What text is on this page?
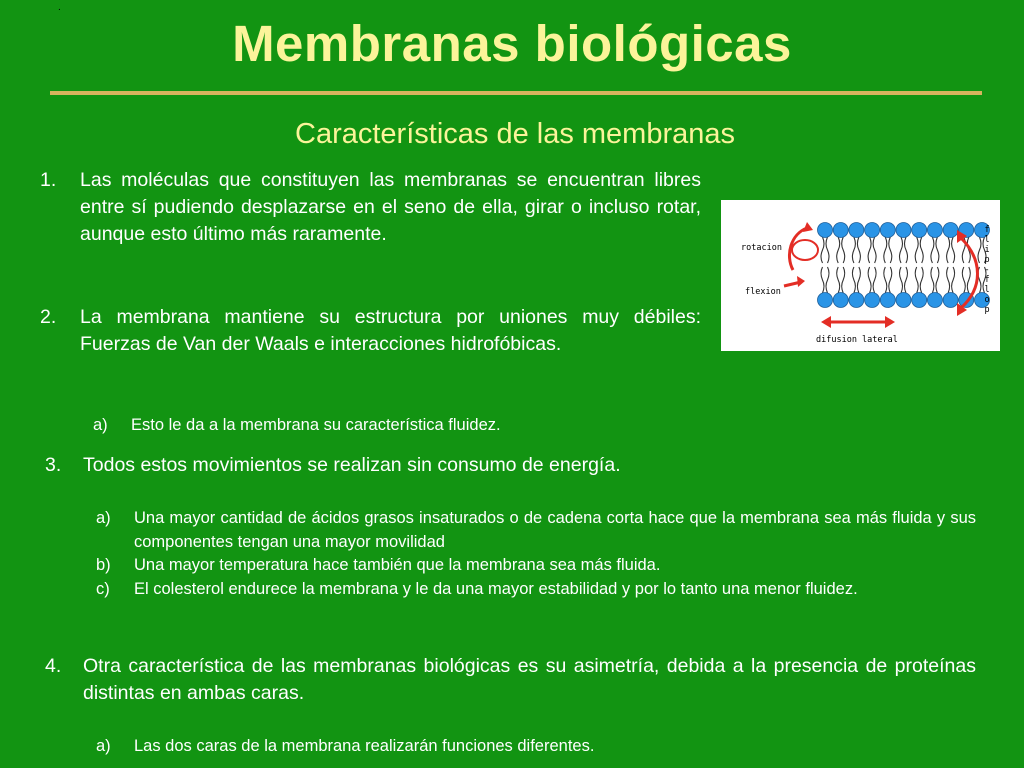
.
Membranas biológicas
Características de las membranas
1. Las moléculas que constituyen las membranas se encuentran libres entre sí pudiendo desplazarse en el seno de ella, girar o incluso rotar, aunque esto último más raramente.
2. La membrana mantiene su estructura por uniones muy débiles: Fuerzas de Van der Waals e interacciones hidrofóbicas.
a) Esto le da a la membrana su característica fluidez.
3. Todos estos movimientos se realizan sin consumo de energía.
a) Una mayor cantidad de ácidos grasos insaturados o de cadena corta hace que la membrana sea más fluida y sus componentes tengan una mayor movilidad
b) Una mayor temperatura hace también que la membrana sea más fluida.
c) El colesterol endurece la membrana y le da una mayor estabilidad y por lo tanto una menor fluidez.
4. Otra característica de las membranas biológicas es su asimetría, debida a la presencia de proteínas distintas en ambas caras.
a) Las dos caras de la membrana realizarán funciones diferentes.
rotacion
flexion
difusion lateral
f
l
i
p
-
f
l
o
p
